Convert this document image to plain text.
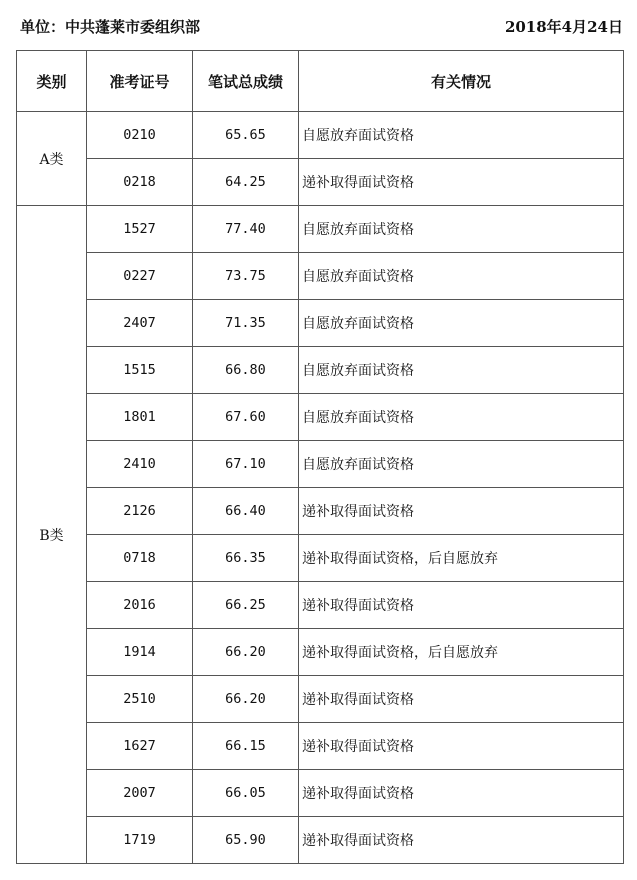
单位：中共蓬莱市委组织部	2018年4月24日
类别	准考证号	笔试总成绩	有关情况
A类	0210	65.65	自愿放弃面试资格
	0218	64.25	递补取得面试资格
B类	1527	77.40	自愿放弃面试资格
	0227	73.75	自愿放弃面试资格
	2407	71.35	自愿放弃面试资格
	1515	66.80	自愿放弃面试资格
	1801	67.60	自愿放弃面试资格
	2410	67.10	自愿放弃面试资格
	2126	66.40	递补取得面试资格
	0718	66.35	递补取得面试资格，后自愿放弃
	2016	66.25	递补取得面试资格
	1914	66.20	递补取得面试资格，后自愿放弃
	2510	66.20	递补取得面试资格
	1627	66.15	递补取得面试资格
	2007	66.05	递补取得面试资格
	1719	65.90	递补取得面试资格
